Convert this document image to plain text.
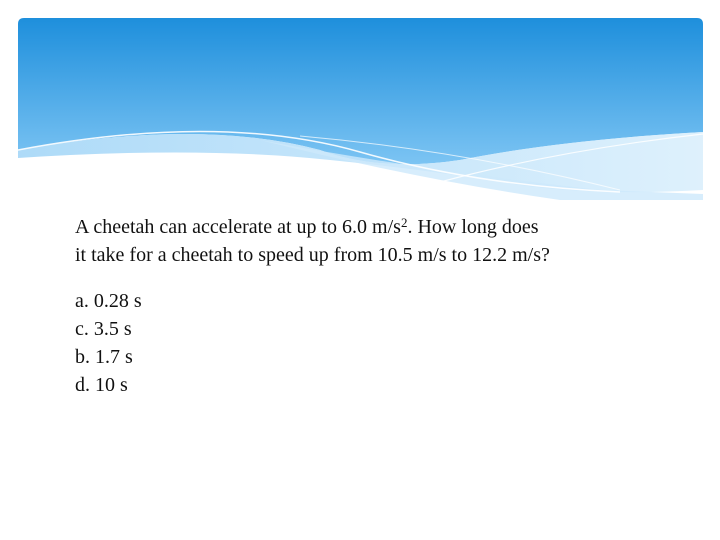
A cheetah can accelerate at up to 6.0 $m/s^2$. How long does
it take for a cheetah to speed up from 10.5 m/s to 12.2 m/s?

a. 0.28 s
c. 3.5 s
b. 1.7 s
d. 10 s
